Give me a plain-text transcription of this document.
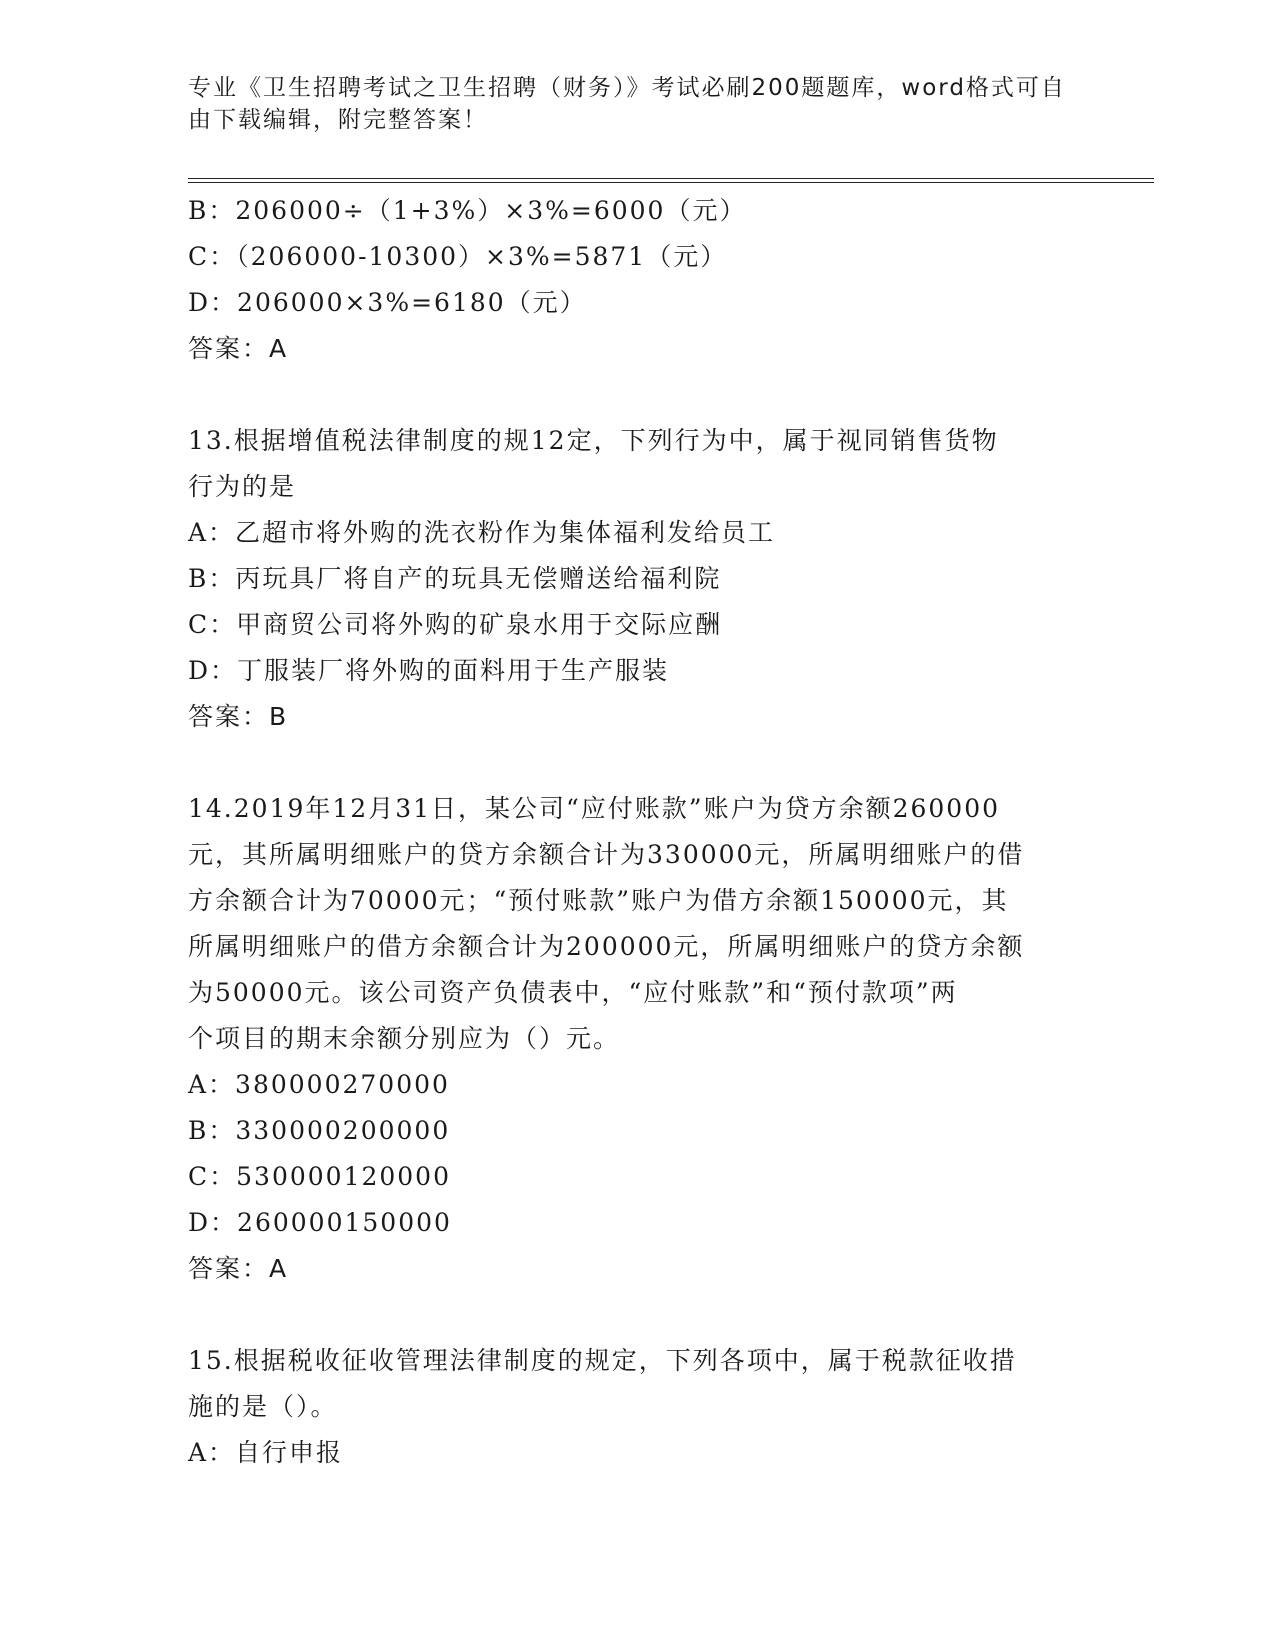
专业《卫生招聘考试之卫生招聘（财务）》考试必刷200题题库，word格式可自
由下载编辑，附完整答案！
B：206000÷（1+3%）×3%=6000（元）
C：（206000-10300）×3%=5871（元）
D：206000×3%=6180（元）
答案：A
13.根据增值税法律制度的规12定，下列行为中，属于视同销售货物
行为的是
A：乙超市将外购的洗衣粉作为集体福利发给员工
B：丙玩具厂将自产的玩具无偿赠送给福利院
C：甲商贸公司将外购的矿泉水用于交际应酬
D：丁服装厂将外购的面料用于生产服装
答案：B
14.2019年12月31日，某公司“应付账款”账户为贷方余额260000
元，其所属明细账户的贷方余额合计为330000元，所属明细账户的借
方余额合计为70000元；“预付账款”账户为借方余额150000元，其
所属明细账户的借方余额合计为200000元，所属明细账户的贷方余额
为50000元。该公司资产负债表中，“应付账款”和“预付款项”两
个项目的期末余额分别应为（）元。
A：380000270000
B：330000200000
C：530000120000
D：260000150000
答案：A
15.根据税收征收管理法律制度的规定，下列各项中，属于税款征收措
施的是（）。
A：自行申报
